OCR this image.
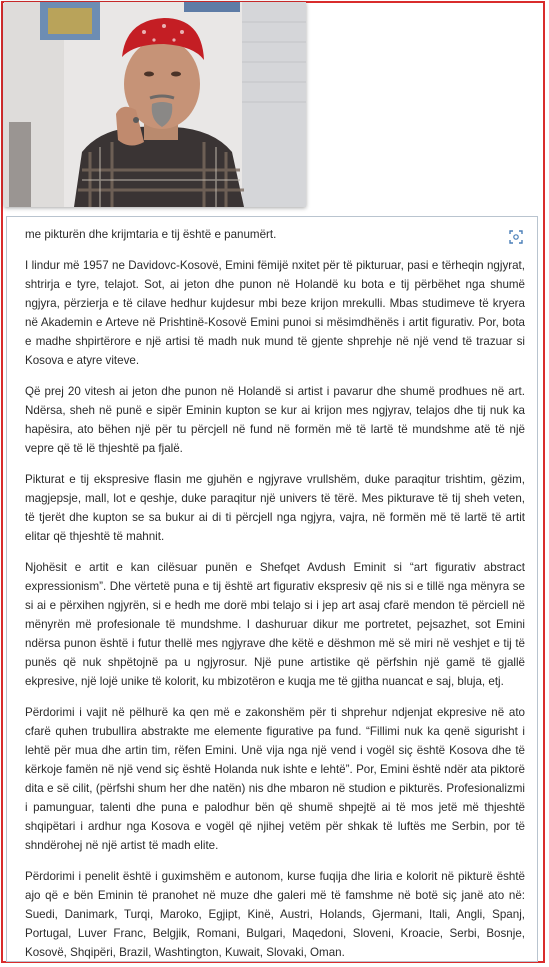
me pikturën dhe krijmtaria e tij është e panumërt.

I lindur më 1957 ne Davidovc-Kosovë, Emini fëmijë nxitet për të pikturuar, pasi e tërheqin ngjyrat, shtrirja e tyre, telajot. Sot, ai jeton dhe punon në Holandë ku bota e tij përbëhet nga shumë ngjyra, përzierja e të cilave hedhur kujdesur mbi beze krijon mrekulli. Mbas studimeve të kryera në Akademin e Arteve në Prishtinë-Kosovë Emini punoi si mësimdhënës i artit figurativ. Por, bota e madhe shpirtërore e një artisi të madh nuk mund të gjente shprehje në një vend të trazuar si Kosova e atyre viteve.

Që prej 20 vitesh ai jeton dhe punon në Holandë si artist i pavarur dhe shumë prodhues në art. Ndërsa, sheh në punë e sipër Eminin kupton se kur ai krijon mes ngjyrav, telajos dhe tij nuk ka hapësira, ato bëhen një për tu përcjell në fund në formën më të lartë të mundshme atë të një vepre që të lë thjeshtë pa fjalë.

Pikturat e tij ekspresive flasin me gjuhën e ngjyrave vrullshëm, duke paraqitur trishtim, gëzim, magjepsje, mall, lot e qeshje, duke paraqitur një univers të tërë. Mes pikturave të tij sheh veten, të tjerët dhe kupton se sa bukur ai di ti përcjell nga ngjyra, vajra, në formën më të lartë të artit elitar që thjeshtë të mahnit.

Njohësit e artit e kan cilësuar punën e Shefqet Avdush Eminit si “art figurativ abstract expressionism”. Dhe vërtetë puna e tij është art figurativ ekspresiv që nis si e tillë nga mënyra se si ai e përxihen ngjyrën, si e hedh me dorë mbi telajo si i jep art asaj cfarë mendon të përciell në mënyrën më profesionale të mundshme. I dashuruar dikur me portretet, pejsazhet, sot Emini ndërsa punon është i futur thellë mes ngjyrave dhe këtë e dëshmon më së miri në veshjet e tij të punës që nuk shpëtojnë pa u ngjyrosur. Një pune artistike që përfshin një gamë të gjallë ekpresive, një lojë unike të kolorit, ku mbizotëron e kuqja me të gjitha nuancat e saj, bluja, etj.

Përdorimi i vajit në pëlhurë ka qen më e zakonshëm për ti shprehur ndjenjat ekpresive në ato cfarë quhen trubullira abstrakte me elemente figurative pa fund. “Fillimi nuk ka qenë sigurisht i lehtë për mua dhe artin tim, rëfen Emini. Unë vija nga një vend i vogël siç është Kosova dhe të kërkoje famën në një vend siç është Holanda nuk ishte e lehtë”. Por, Emini është ndër ata piktorë dita e së cilit, (përfshi shum her dhe natën) nis dhe mbaron në studion e pikturës. Profesionalizmi i pamunguar, talenti dhe puna e palodhur bën që shumë shpejtë ai të mos jetë më thjeshtë shqipëtari i ardhur nga Kosova e vogël që njihej vetëm për shkak të luftës me Serbin, por të shndërohej në një artist të madh elite.

Përdorimi i penelit është i guximshëm e autonom, kurse fuqija dhe liria e kolorit në pikturë është ajo që e bën Eminin të pranohet në muze dhe galeri më të famshme në botë siç janë ato në: Suedi, Danimark, Turqi, Maroko, Egjipt, Kinë, Austri, Holands, Gjermani, Itali, Angli, Spanj, Portugal, Luver Franc, Belgjik, Romani, Bulgari, Maqedoni, Sloveni, Kroacie, Serbi, Bosnje, Kosovë, Shqipëri, Brazil, Washtington, Kuwait, Slovaki, Oman.
